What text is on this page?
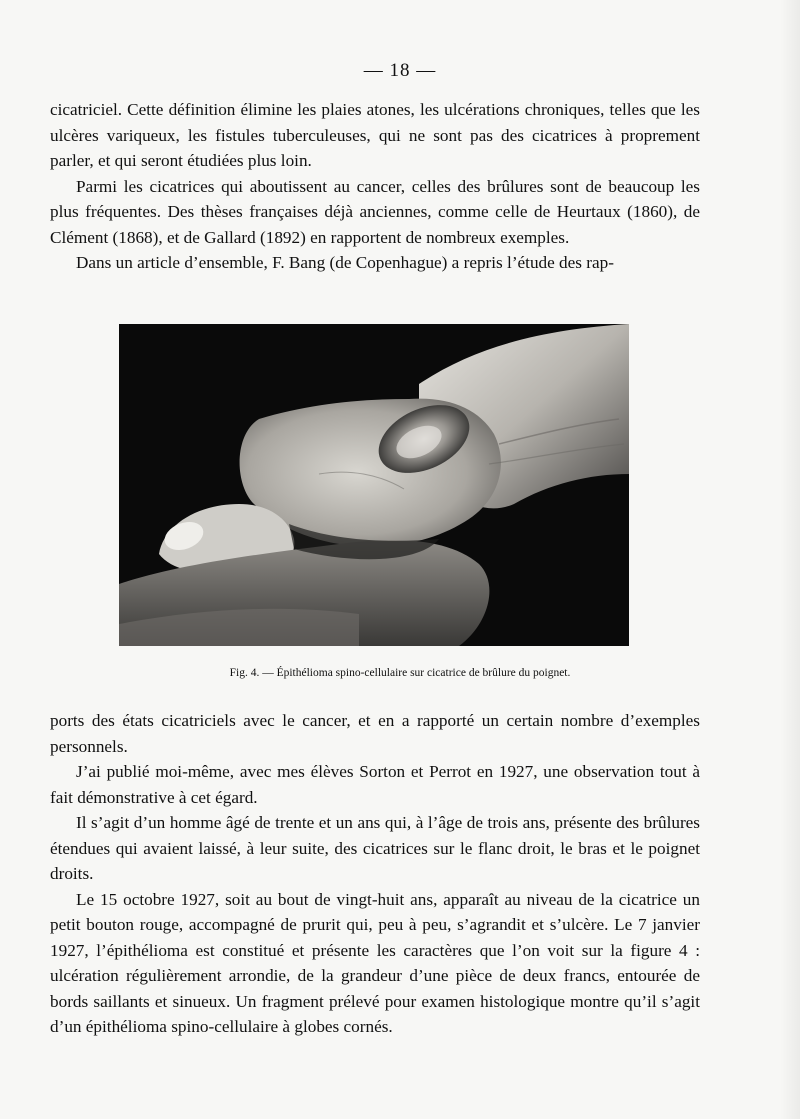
— 18 —

cicatriciel. Cette définition élimine les plaies atones, les ulcérations chroniques, telles que les ulcères variqueux, les fistules tuberculeuses, qui ne sont pas des cicatrices à proprement parler, et qui seront étudiées plus loin.

Parmi les cicatrices qui aboutissent au cancer, celles des brûlures sont de beaucoup les plus fréquentes. Des thèses françaises déjà anciennes, comme celle de Heurtaux (1860), de Clément (1868), et de Gallard (1892) en rapportent de nombreux exemples.

Dans un article d’ensemble, F. Bang (de Copenhague) a repris l’étude des rap-

Fig. 4. — Épithélioma spino-cellulaire sur cicatrice de brûlure du poignet.

ports des états cicatriciels avec le cancer, et en a rapporté un certain nombre d’exemples personnels.

J’ai publié moi-même, avec mes élèves Sorton et Perrot en 1927, une observation tout à fait démonstrative à cet égard.

Il s’agit d’un homme âgé de trente et un ans qui, à l’âge de trois ans, présente des brûlures étendues qui avaient laissé, à leur suite, des cicatrices sur le flanc droit, le bras et le poignet droits.

Le 15 octobre 1927, soit au bout de vingt-huit ans, apparaît au niveau de la cicatrice un petit bouton rouge, accompagné de prurit qui, peu à peu, s’agrandit et s’ulcère. Le 7 janvier 1927, l’épithélioma est constitué et présente les caractères que l’on voit sur la figure 4 : ulcération régulièrement arrondie, de la grandeur d’une pièce de deux francs, entourée de bords saillants et sinueux. Un fragment prélevé pour examen histologique montre qu’il s’agit d’un épithélioma spino-cellulaire à globes cornés.
